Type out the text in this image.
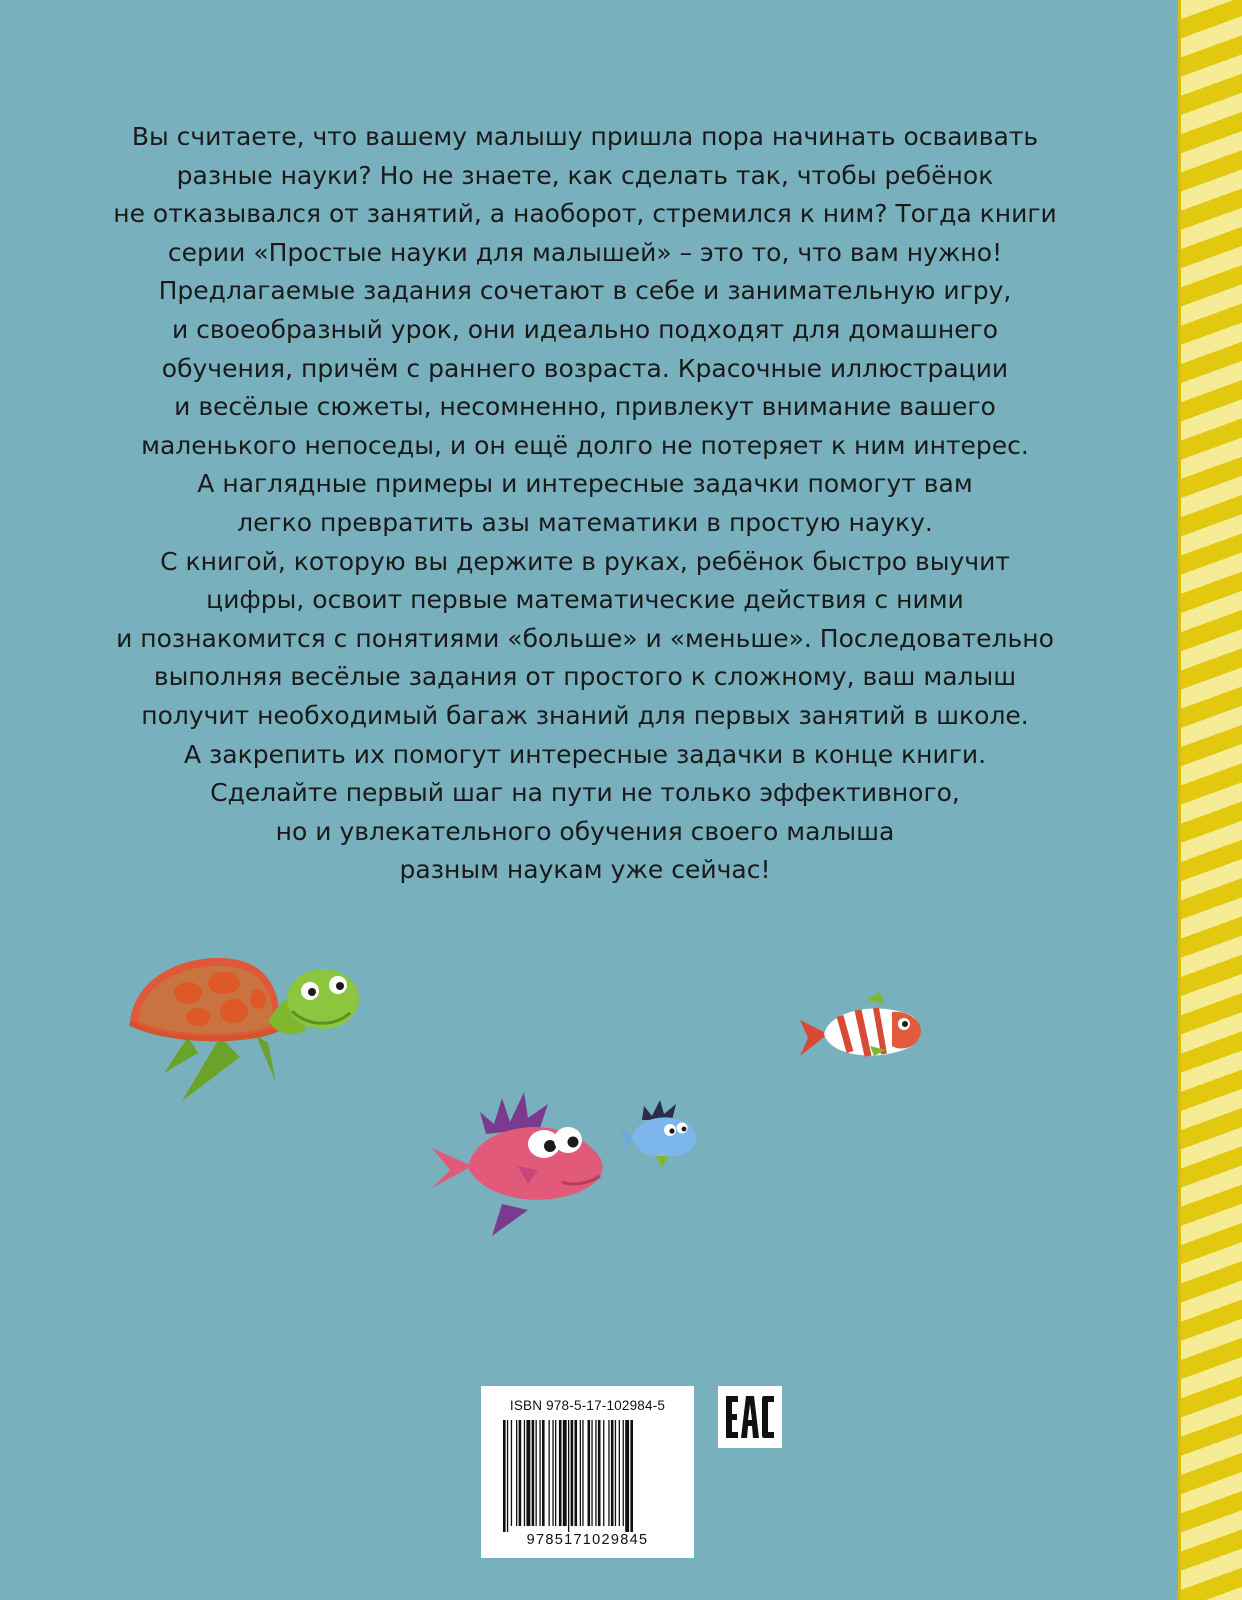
Вы считаете, что вашему малышу пришла пора начинать осваивать
разные науки? Но не знаете, как сделать так, чтобы ребёнок
не отказывался от занятий, а наоборот, стремился к ним? Тогда книги
серии «Простые науки для малышей» – это то, что вам нужно!
Предлагаемые задания сочетают в себе и занимательную игру,
и своеобразный урок, они идеально подходят для домашнего
обучения, причём с раннего возраста. Красочные иллюстрации
и весёлые сюжеты, несомненно, привлекут внимание вашего
маленького непоседы, и он ещё долго не потеряет к ним интерес.
А наглядные примеры и интересные задачки помогут вам
легко превратить азы математики в простую науку.
С книгой, которую вы держите в руках, ребёнок быстро выучит
цифры, освоит первые математические действия с ними
и познакомится с понятиями «больше» и «меньше». Последовательно
выполняя весёлые задания от простого к сложному, ваш малыш
получит необходимый багаж знаний для первых занятий в школе.
А закрепить их помогут интересные задачки в конце книги.
Сделайте первый шаг на пути не только эффективного,
но и увлекательного обучения своего малыша
разным наукам уже сейчас!

ISBN 978-5-17-102984-5
9785171029845
